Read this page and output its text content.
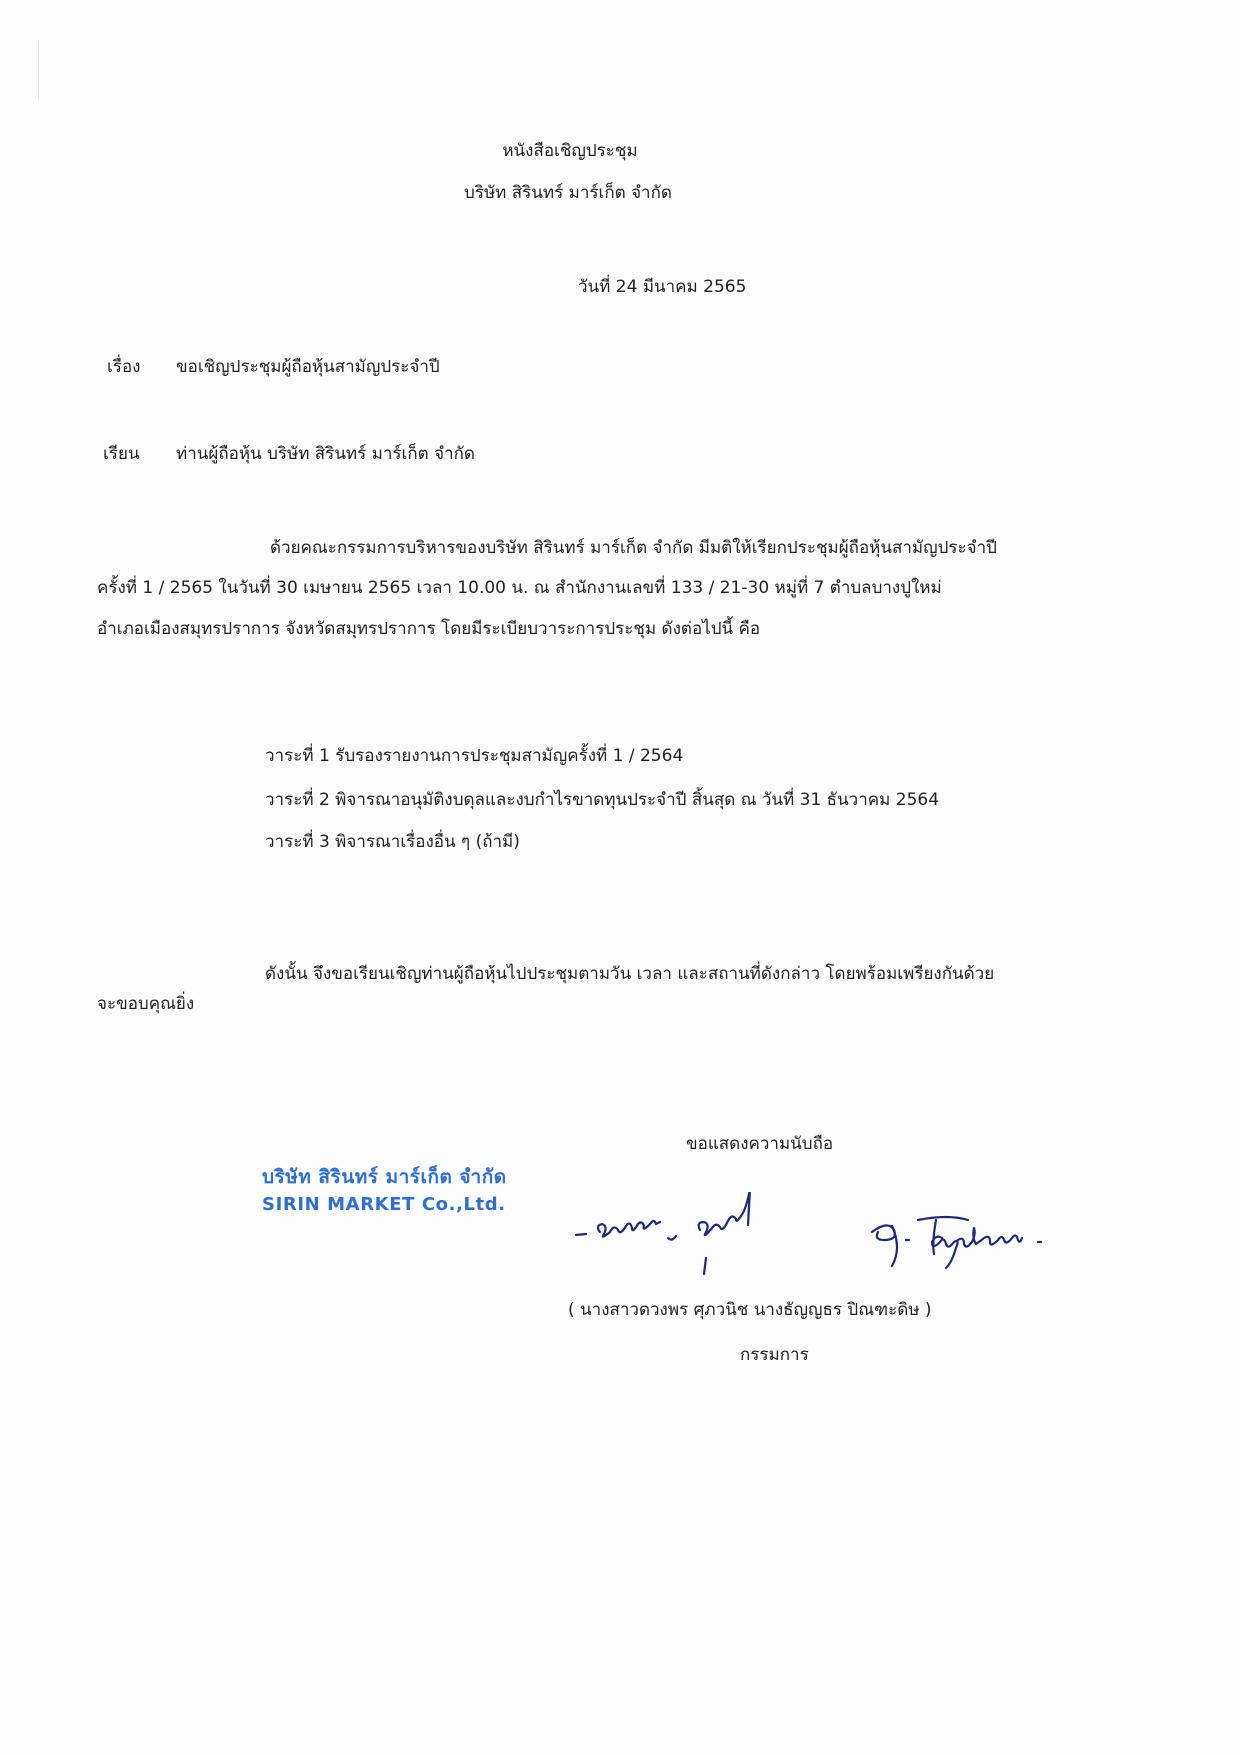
หนังสือเชิญประชุม
บริษัท สิรินทร์ มาร์เก็ต จำกัด
วันที่ 24 มีนาคม 2565
เรื่อง ขอเชิญประชุมผู้ถือหุ้นสามัญประจำปี
เรียน ท่านผู้ถือหุ้น บริษัท สิรินทร์ มาร์เก็ต จำกัด
ด้วยคณะกรรมการบริหารของบริษัท สิรินทร์ มาร์เก็ต จำกัด มีมติให้เรียกประชุมผู้ถือหุ้นสามัญประจำปี
ครั้งที่ 1 / 2565 ในวันที่ 30 เมษายน 2565 เวลา 10.00 น. ณ สำนักงานเลขที่ 133 / 21-30 หมู่ที่ 7 ตำบลบางปูใหม่
อำเภอเมืองสมุทรปราการ จังหวัดสมุทรปราการ โดยมีระเบียบวาระการประชุม ดังต่อไปนี้ คือ
วาระที่ 1 รับรองรายงานการประชุมสามัญครั้งที่ 1 / 2564
วาระที่ 2 พิจารณาอนุมัติงบดุลและงบกำไรขาดทุนประจำปี สิ้นสุด ณ วันที่ 31 ธันวาคม 2564
วาระที่ 3 พิจารณาเรื่องอื่น ๆ (ถ้ามี)
ดังนั้น จึงขอเรียนเชิญท่านผู้ถือหุ้นไปประชุมตามวัน เวลา และสถานที่ดังกล่าว โดยพร้อมเพรียงกันด้วย
จะขอบคุณยิ่ง
ขอแสดงความนับถือ
บริษัท สิรินทร์ มาร์เก็ต จำกัด
SIRIN MARKET Co.,Ltd.
( นางสาวดวงพร ศุภวนิช นางธัญญธร ปิณฑะดิษ )
กรรมการ
